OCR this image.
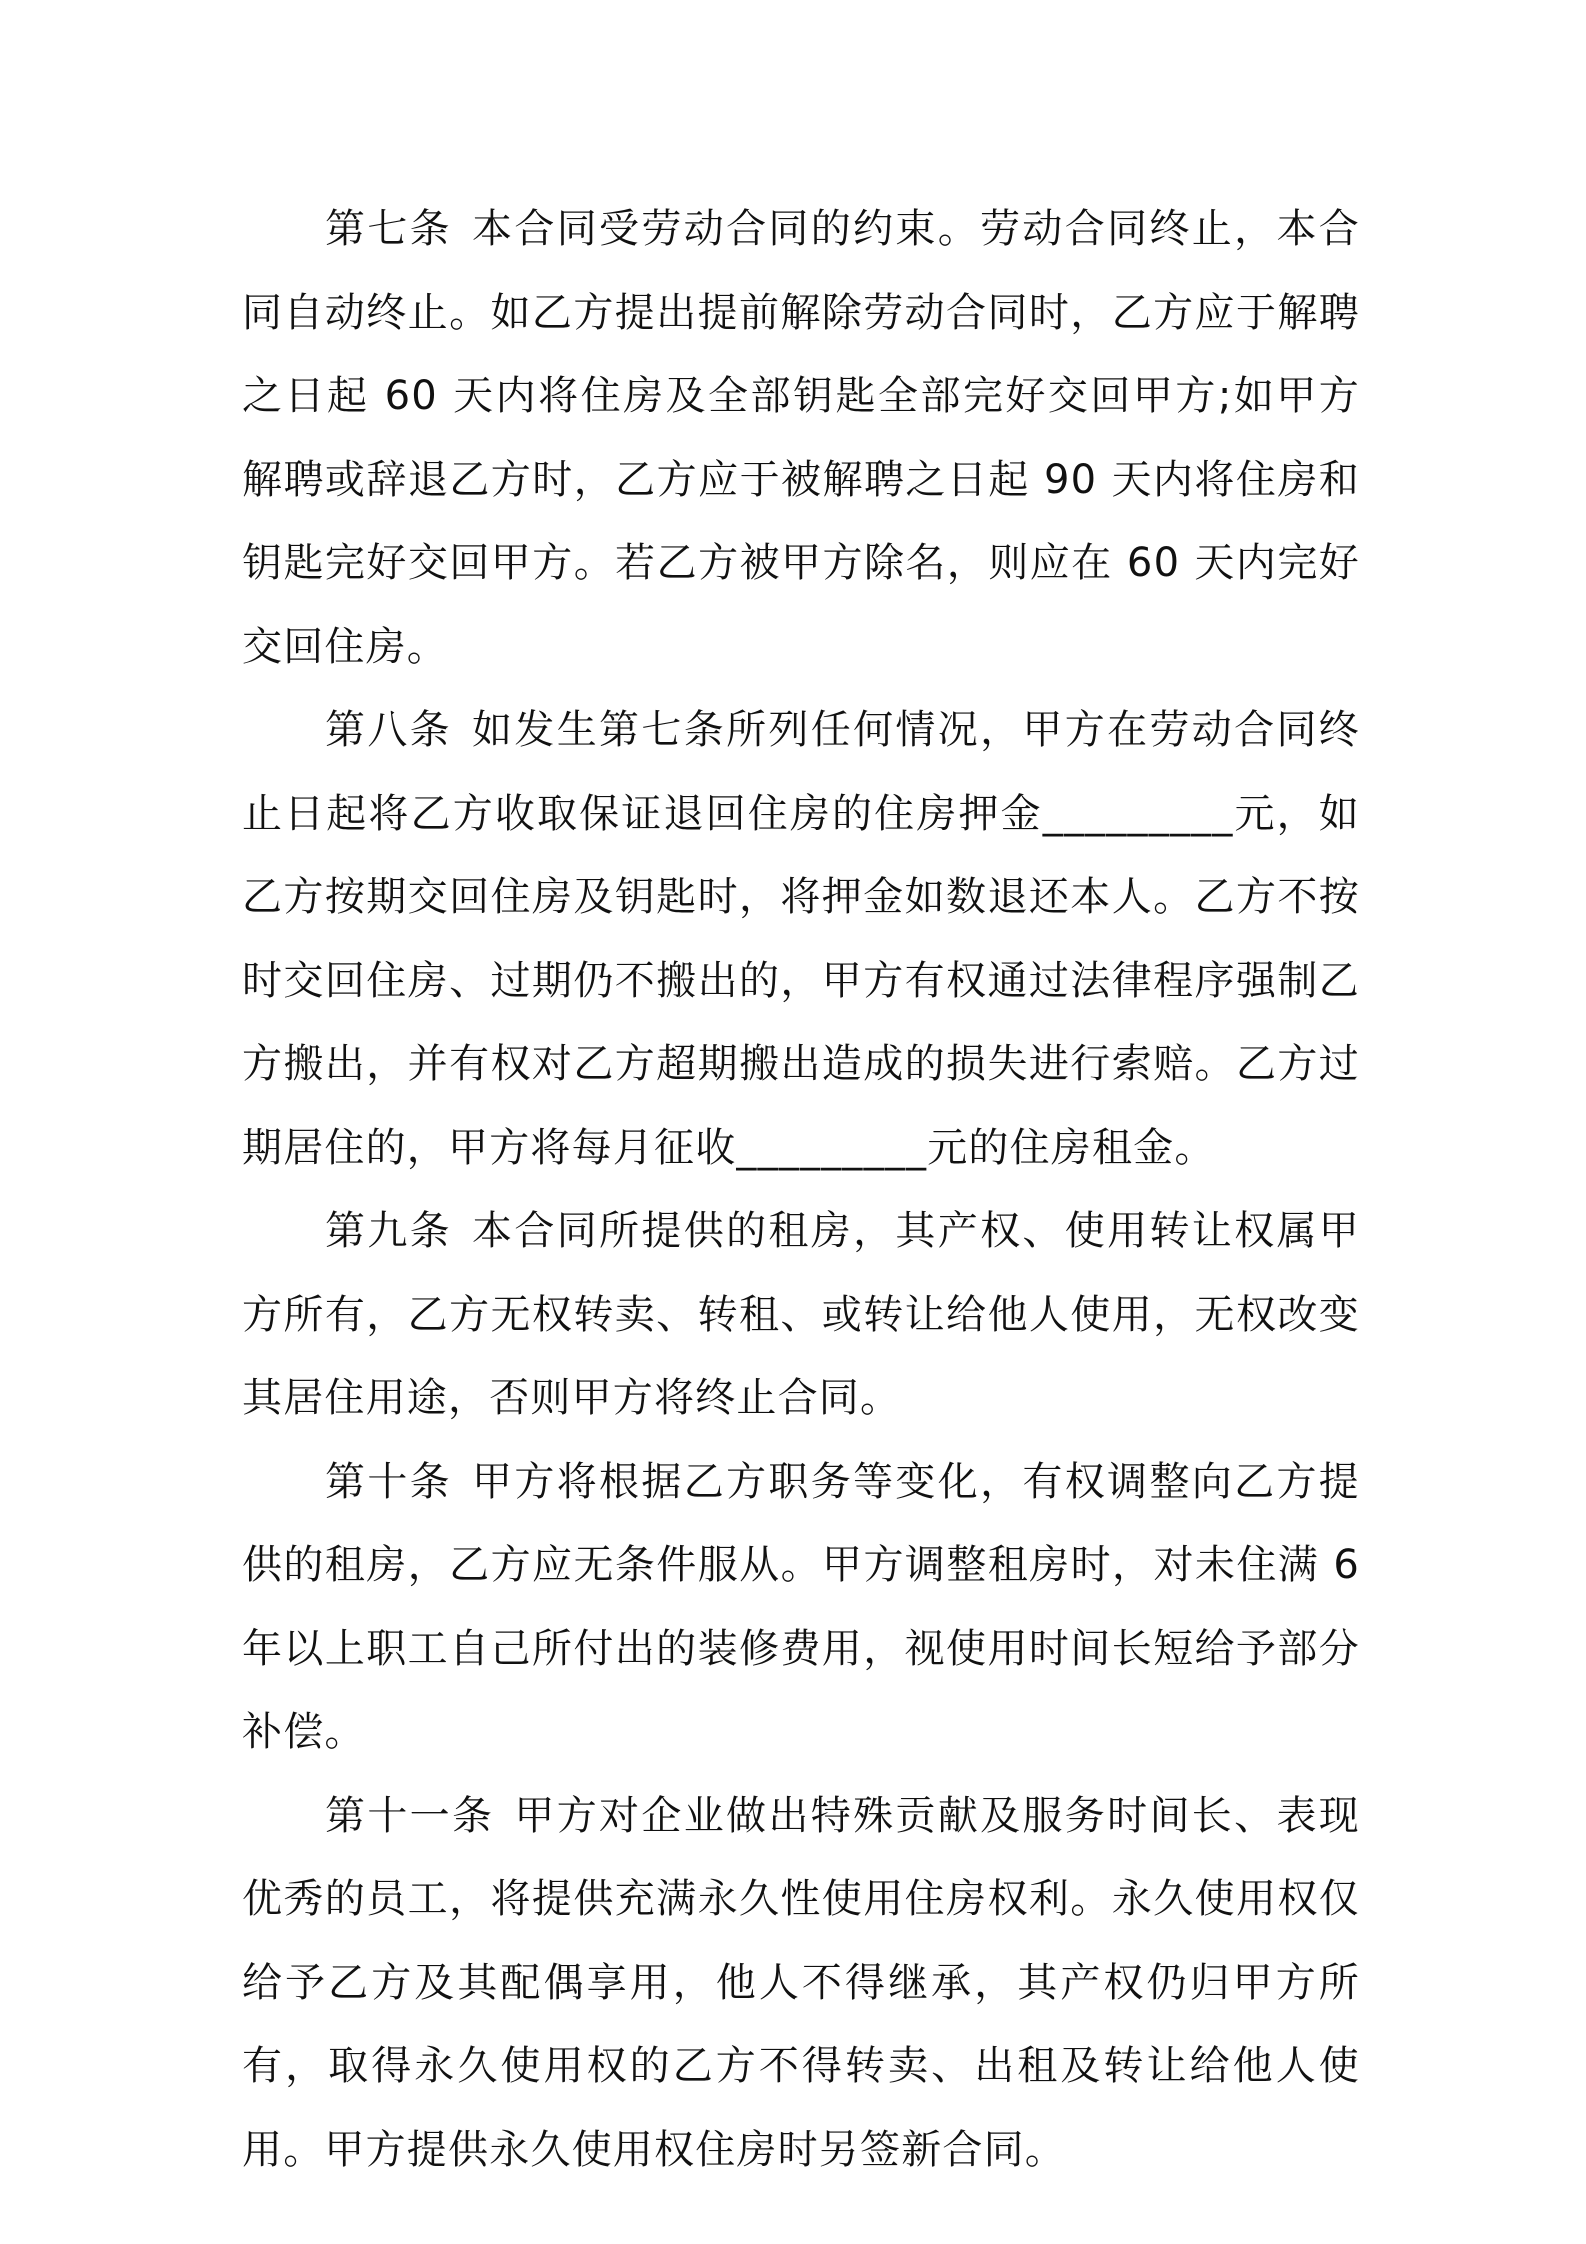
第七条 本合同受劳动合同的约束。劳动合同终止，本合同自动终止。如乙方提出提前解除劳动合同时，乙方应于解聘之日起 60 天内将住房及全部钥匙全部完好交回甲方;如甲方解聘或辞退乙方时，乙方应于被解聘之日起 90 天内将住房和钥匙完好交回甲方。若乙方被甲方除名，则应在 60 天内完好交回住房。

第八条 如发生第七条所列任何情况，甲方在劳动合同终止日起将乙方收取保证退回住房的住房押金_________元，如乙方按期交回住房及钥匙时，将押金如数退还本人。乙方不按时交回住房、过期仍不搬出的，甲方有权通过法律程序强制乙方搬出，并有权对乙方超期搬出造成的损失进行索赔。乙方过期居住的，甲方将每月征收_________元的住房租金。

第九条 本合同所提供的租房，其产权、使用转让权属甲方所有，乙方无权转卖、转租、或转让给他人使用，无权改变其居住用途，否则甲方将终止合同。

第十条 甲方将根据乙方职务等变化，有权调整向乙方提供的租房，乙方应无条件服从。甲方调整租房时，对未住满 6 年以上职工自己所付出的装修费用，视使用时间长短给予部分补偿。

第十一条 甲方对企业做出特殊贡献及服务时间长、表现优秀的员工，将提供充满永久性使用住房权利。永久使用权仅给予乙方及其配偶享用，他人不得继承，其产权仍归甲方所有，取得永久使用权的乙方不得转卖、出租及转让给他人使用。甲方提供永久使用权住房时另签新合同。
